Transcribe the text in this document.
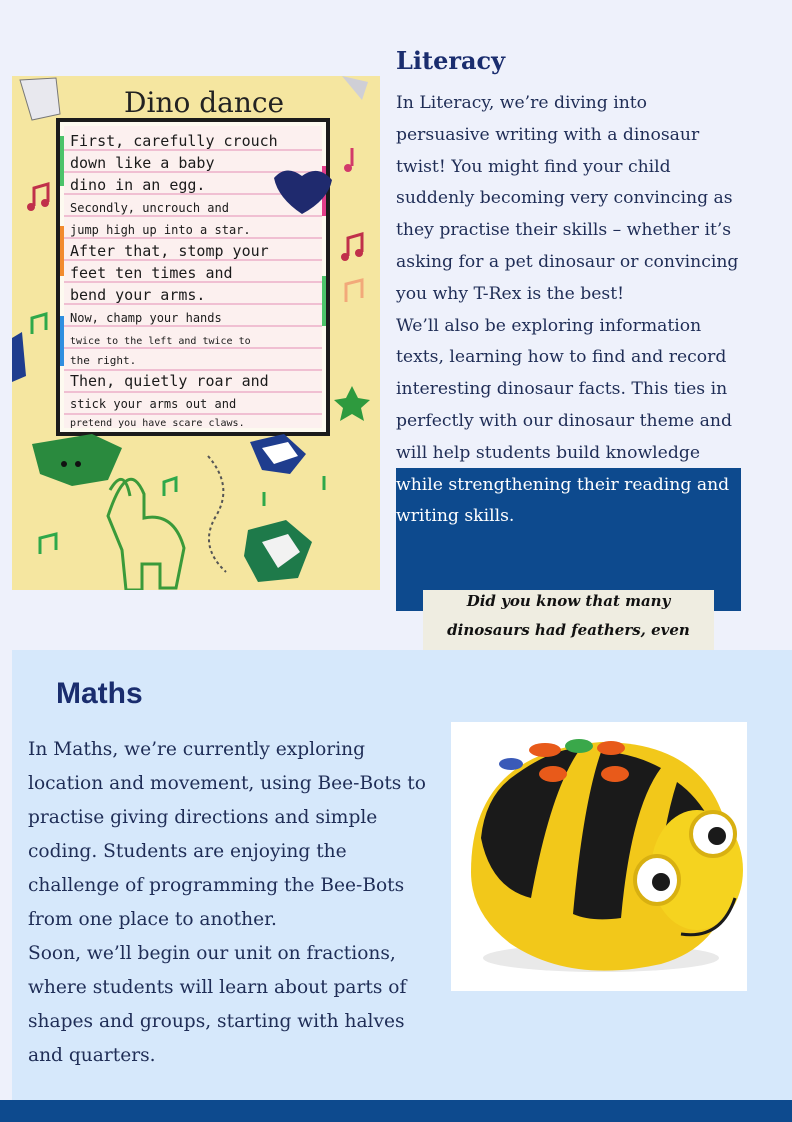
Dino dance
First, carefully crouch
down like a baby
dino in an egg.
Secondly, uncrouch and
jump high up into a star.
After that, stomp your
feet ten times and
bend your arms.
Now, champ your hands
twice to the left and twice to
the right.
Then, quietly roar and
stick your arms out and
pretend you have scare claws.
Literacy

In Literacy, we’re diving into persuasive writing with a dinosaur twist! You might find your child suddenly becoming very convincing as they practise their skills – whether it’s asking for a pet dinosaur or convincing you why T-Rex is the best!

We’ll also be exploring information texts, learning how to find and record interesting dinosaur facts. This ties in perfectly with our dinosaur theme and will help students build knowledge while strengthening their reading and writing skills.

Did you know that many dinosaurs had feathers, even
Maths

In Maths, we’re currently exploring location and movement, using Bee-Bots to practise giving directions and simple coding. Students are enjoying the challenge of programming the Bee-Bots from one place to another.

Soon, we’ll begin our unit on fractions, where students will learn about parts of shapes and groups, starting with halves and quarters.
